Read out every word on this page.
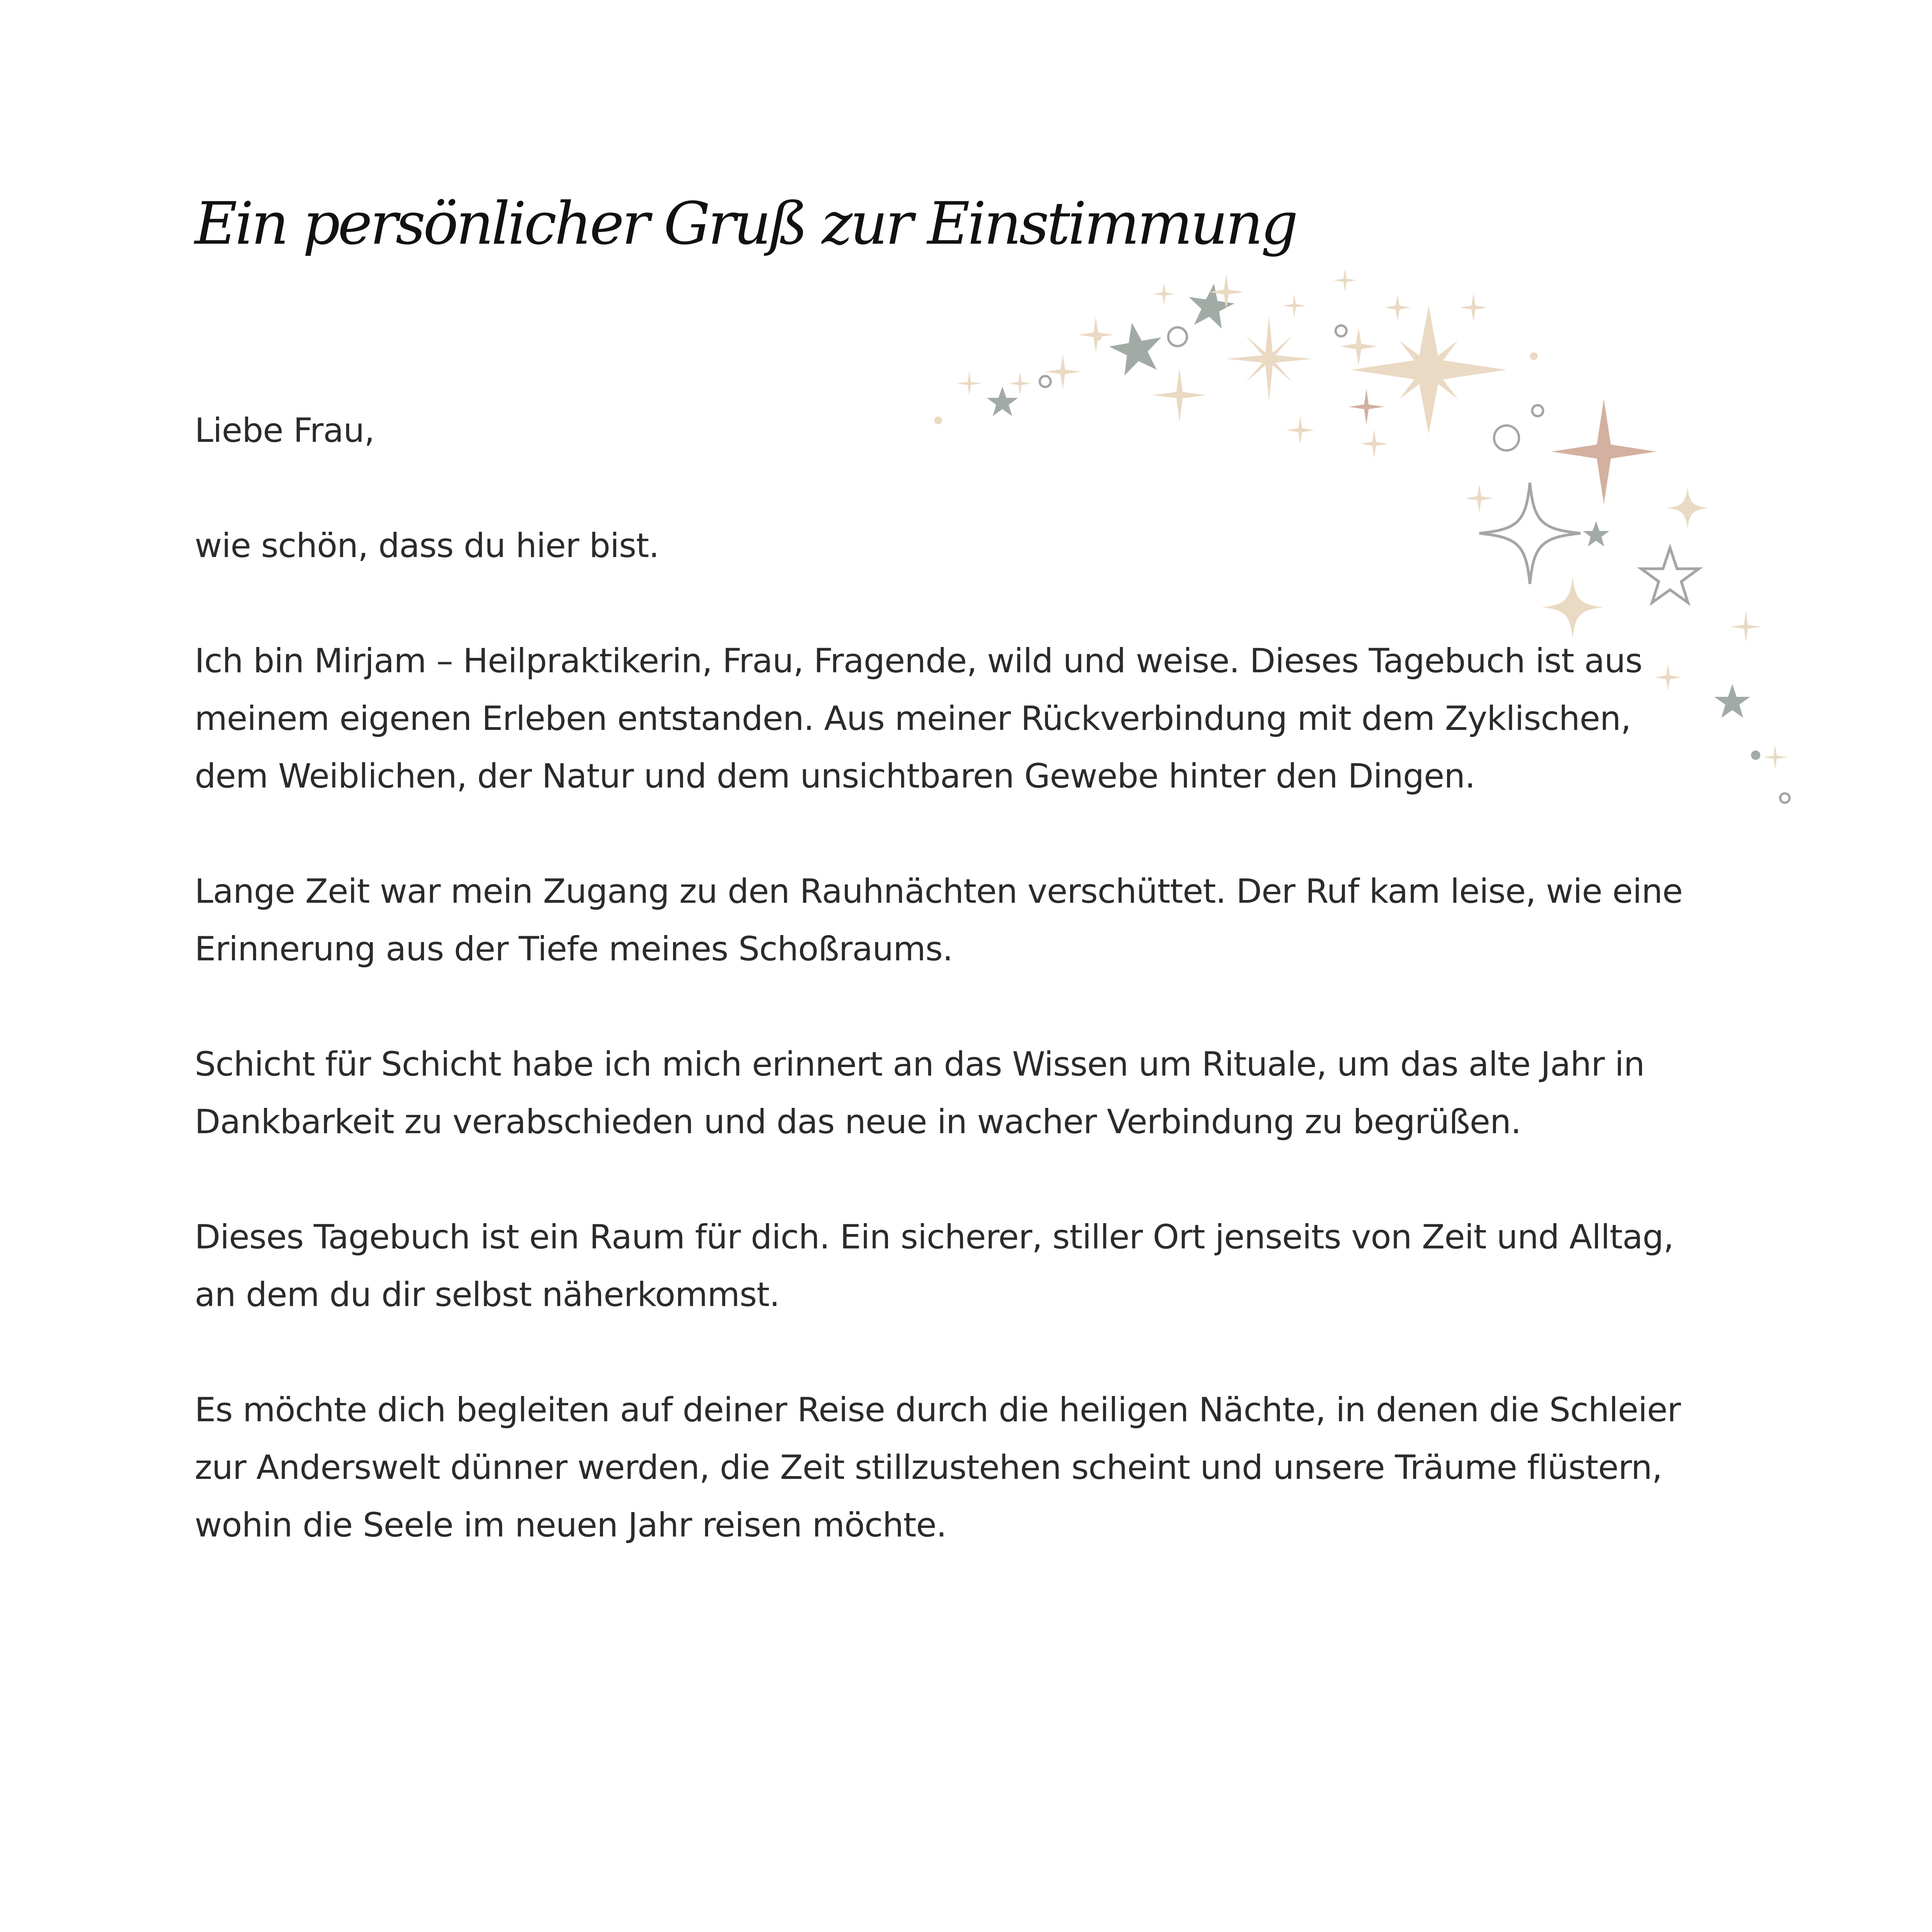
Ein persönlicher Gruß zur Einstimmung

Liebe Frau,

wie schön, dass du hier bist.

Ich bin Mirjam – Heilpraktikerin, Frau, Fragende, wild und weise. Dieses Tagebuch ist aus
meinem eigenen Erleben entstanden. Aus meiner Rückverbindung mit dem Zyklischen,
dem Weiblichen, der Natur und dem unsichtbaren Gewebe hinter den Dingen.

Lange Zeit war mein Zugang zu den Rauhnächten verschüttet. Der Ruf kam leise, wie eine
Erinnerung aus der Tiefe meines Schoßraums.

Schicht für Schicht habe ich mich erinnert an das Wissen um Rituale, um das alte Jahr in
Dankbarkeit zu verabschieden und das neue in wacher Verbindung zu begrüßen.

Dieses Tagebuch ist ein Raum für dich. Ein sicherer, stiller Ort jenseits von Zeit und Alltag,
an dem du dir selbst näherkommst.

Es möchte dich begleiten auf deiner Reise durch die heiligen Nächte, in denen die Schleier
zur Anderswelt dünner werden, die Zeit stillzustehen scheint und unsere Träume flüstern,
wohin die Seele im neuen Jahr reisen möchte.
